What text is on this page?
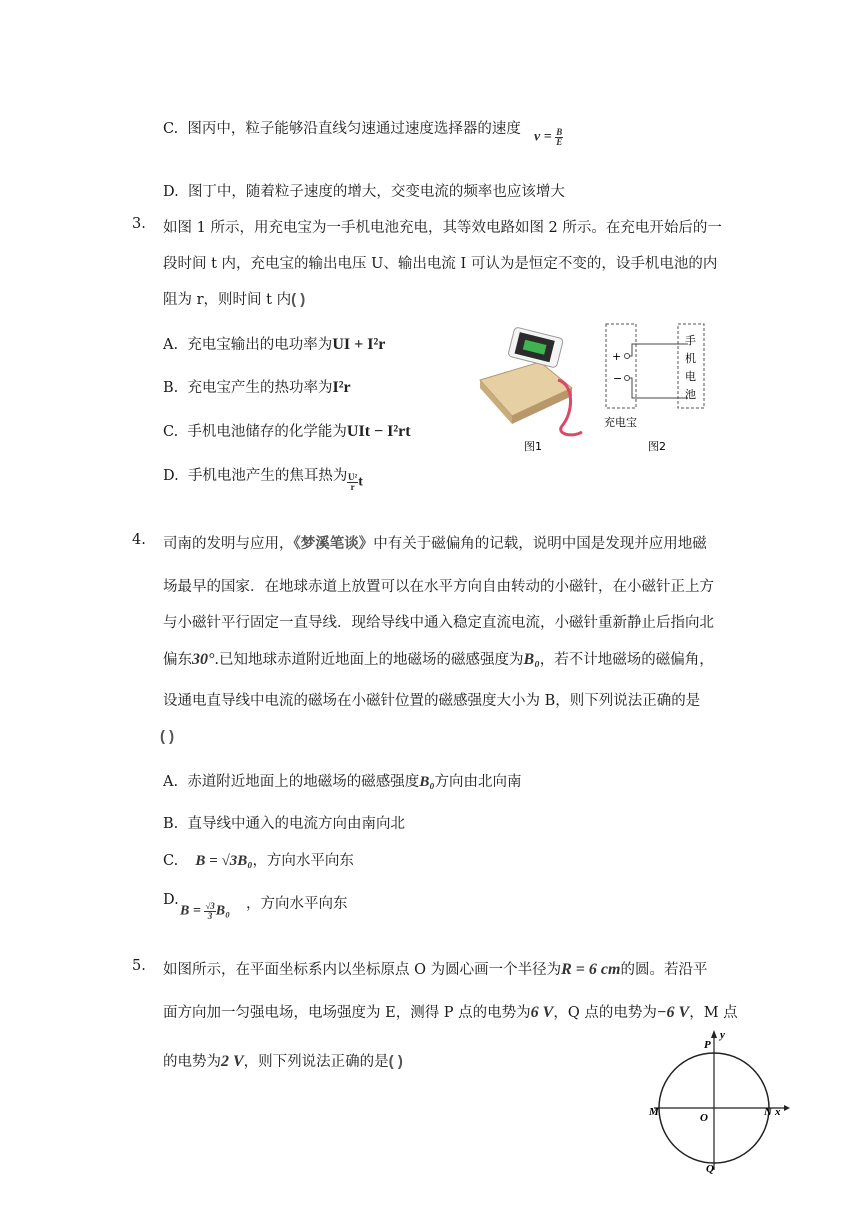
C. 图丙中，粒子能够沿直线匀速通过速度选择器的速度
$v = \frac{B}{E}$
D. 图丁中，随着粒子速度的增大，交变电流的频率也应该增大
3. 如图 1 所示，用充电宝为一手机电池充电，其等效电路如图 2 所示。在充电开始后的一
段时间 t 内，充电宝的输出电压 U、输出电流 I 可认为是恒定不变的，设手机电池的内
阻为 r，则时间 t 内( )
A. 充电宝输出的电功率为UI + I²r
B. 充电宝产生的热功率为I²r
C. 手机电池储存的化学能为UIt − I²rt
D. 手机电池产生的焦耳热为 $\frac{\text{U²}}{r}$ t
图1
+
−
手
机
电
池
充电宝
图2
4. 司南的发明与应用，《梦溪笔谈》中有关于磁偏角的记载，说明中国是发现并应用地磁
场最早的国家．在地球赤道上放置可以在水平方向自由转动的小磁针，在小磁针正上方
与小磁针平行固定一直导线．现给导线中通入稳定直流电流，小磁针重新静止后指向北
偏东30°.已知地球赤道附近地面上的地磁场的磁感强度为B₀，若不计地磁场的磁偏角，
设通电直导线中电流的磁场在小磁针位置的磁感强度大小为 B，则下列说法正确的是
( )
A. 赤道附近地面上的地磁场的磁感强度B₀方向由北向南
B. 直导线中通入的电流方向由南向北
C. B = √3B₀，方向水平向东
D.
$B = \frac{√3}{3} B_0$ ，方向水平向东
5. 如图所示，在平面坐标系内以坐标原点 O 为圆心画一个半径为R = 6 cm的圆。若沿平
面方向加一匀强电场，电场强度为 E，测得 P 点的电势为6 V，Q 点的电势为−6 V，M 点
的电势为2 V，则下列说法正确的是( )
P
y
M	O	N x
Q
